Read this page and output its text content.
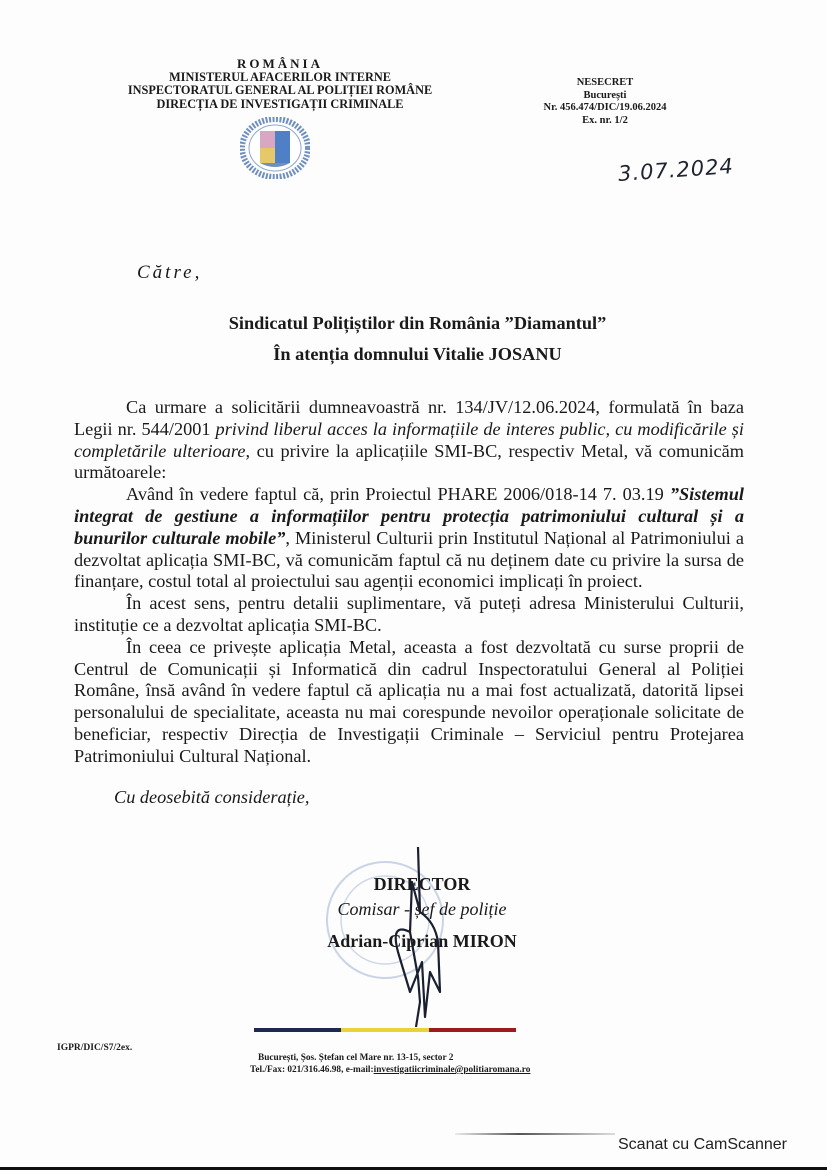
ROMÂNIA
MINISTERUL AFACERILOR INTERNE
INSPECTORATUL GENERAL AL POLIȚIEI ROMÂNE
DIRECȚIA DE INVESTIGAȚII CRIMINALE
NESECRET
București
Nr. 456.474/DIC/19.06.2024
Ex. nr. 1/2
3.07.2024
Către,
Sindicatul Polițiștilor din România ”Diamantul”
În atenția domnului Vitalie JOSANU

Ca urmare a solicitării dumneavoastră nr. 134/JV/12.06.2024, formulată în baza Legii nr. 544/2001 privind liberul acces la informațiile de interes public, cu modificările și completările ulterioare, cu privire la aplicațiile SMI-BC, respectiv Metal, vă comunicăm următoarele:

Având în vedere faptul că, prin Proiectul PHARE 2006/018-14 7. 03.19 ”Sistemul integrat de gestiune a informațiilor pentru protecția patrimoniului cultural și a bunurilor culturale mobile”, Ministerul Culturii prin Institutul Național al Patrimoniului a dezvoltat aplicația SMI-BC, vă comunicăm faptul că nu deținem date cu privire la sursa de finanțare, costul total al proiectului sau agenții economici implicați în proiect.

În acest sens, pentru detalii suplimentare, vă puteți adresa Ministerului Culturii, instituție ce a dezvoltat aplicația SMI-BC.

În ceea ce privește aplicația Metal, aceasta a fost dezvoltată cu surse proprii de Centrul de Comunicații și Informatică din cadrul Inspectoratului General al Poliției Române, însă având în vedere faptul că aplicația nu a mai fost actualizată, datorită lipsei personalului de specialitate, aceasta nu mai corespunde nevoilor operaționale solicitate de beneficiar, respectiv Direcția de Investigații Criminale – Serviciul pentru Protejarea Patrimoniului Cultural Național.

Cu deosebită considerație,
DIRECTOR
Comisar - șef de poliție
Adrian-Ciprian MIRON
IGPR/DIC/S7/2ex.
București, Șos. Ștefan cel Mare nr. 13-15, sector 2
Tel./Fax: 021/316.46.98, e-mail:investigatiicriminale@politiaromana.ro
Scanat cu CamScanner
